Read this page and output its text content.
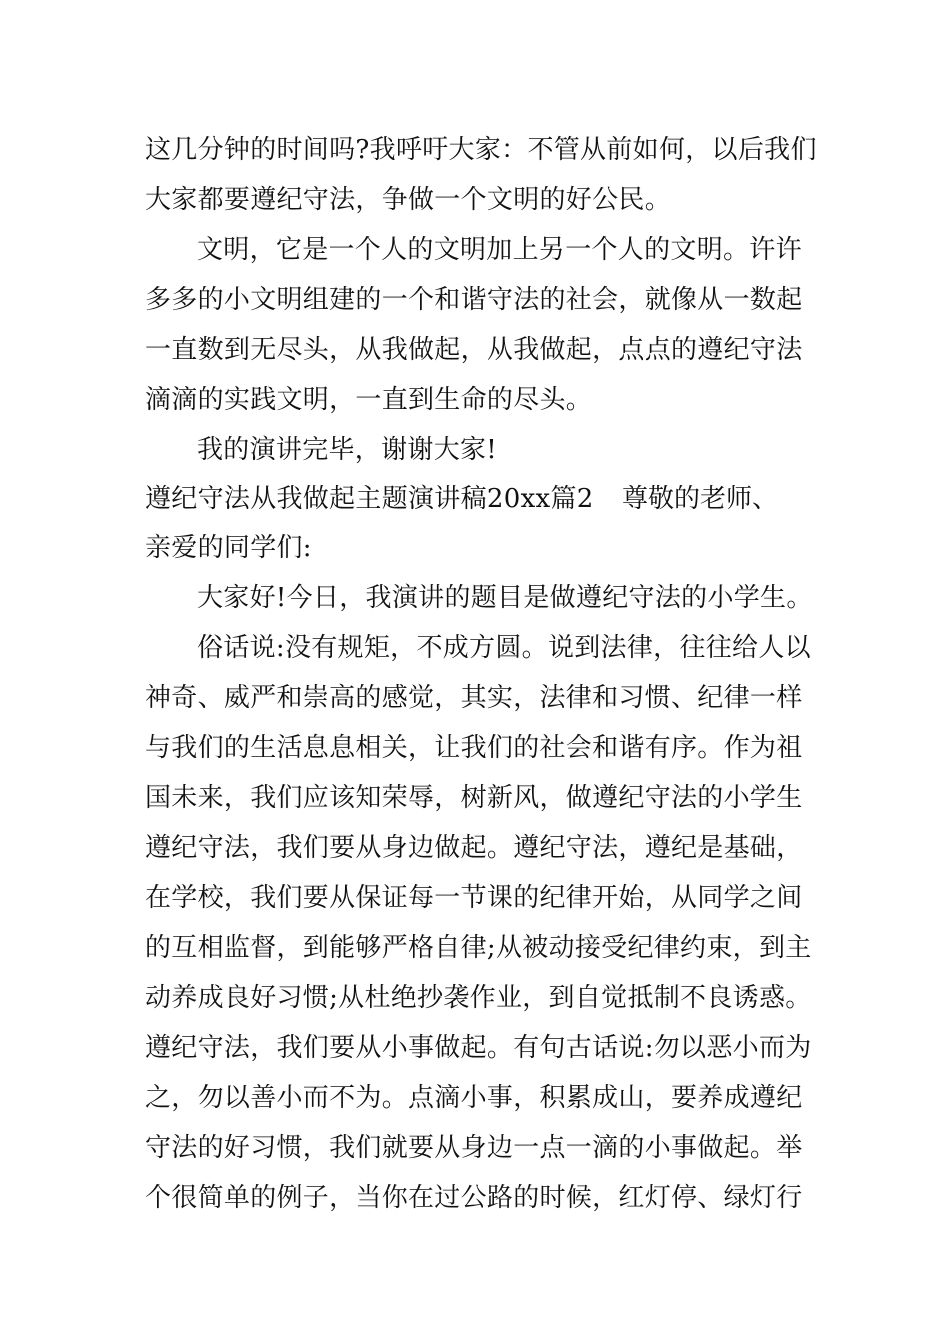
这几分钟的时间吗?我呼吁大家：不管从前如何，以后我们
大家都要遵纪守法，争做一个文明的好公民。
文明，它是一个人的文明加上另一个人的文明。许许
多多的小文明组建的一个和谐守法的社会，就像从一数起
一直数到无尽头，从我做起，从我做起，点点的遵纪守法
滴滴的实践文明，一直到生命的尽头。
我的演讲完毕，谢谢大家!
遵纪守法从我做起主题演讲稿20xx篇2	尊敬的老师、
亲爱的同学们:
大家好!今日，我演讲的题目是做遵纪守法的小学生。
俗话说:没有规矩，不成方圆。说到法律，往往给人以
神奇、威严和崇高的感觉，其实，法律和习惯、纪律一样
与我们的生活息息相关，让我们的社会和谐有序。作为祖
国未来，我们应该知荣辱，树新风，做遵纪守法的小学生
遵纪守法，我们要从身边做起。遵纪守法，遵纪是基础，
在学校，我们要从保证每一节课的纪律开始，从同学之间
的互相监督，到能够严格自律;从被动接受纪律约束，到主
动养成良好习惯;从杜绝抄袭作业，到自觉抵制不良诱惑。
遵纪守法，我们要从小事做起。有句古话说:勿以恶小而为
之，勿以善小而不为。点滴小事，积累成山，要养成遵纪
守法的好习惯，我们就要从身边一点一滴的小事做起。举
个很简单的例子，当你在过公路的时候，红灯停、绿灯行
